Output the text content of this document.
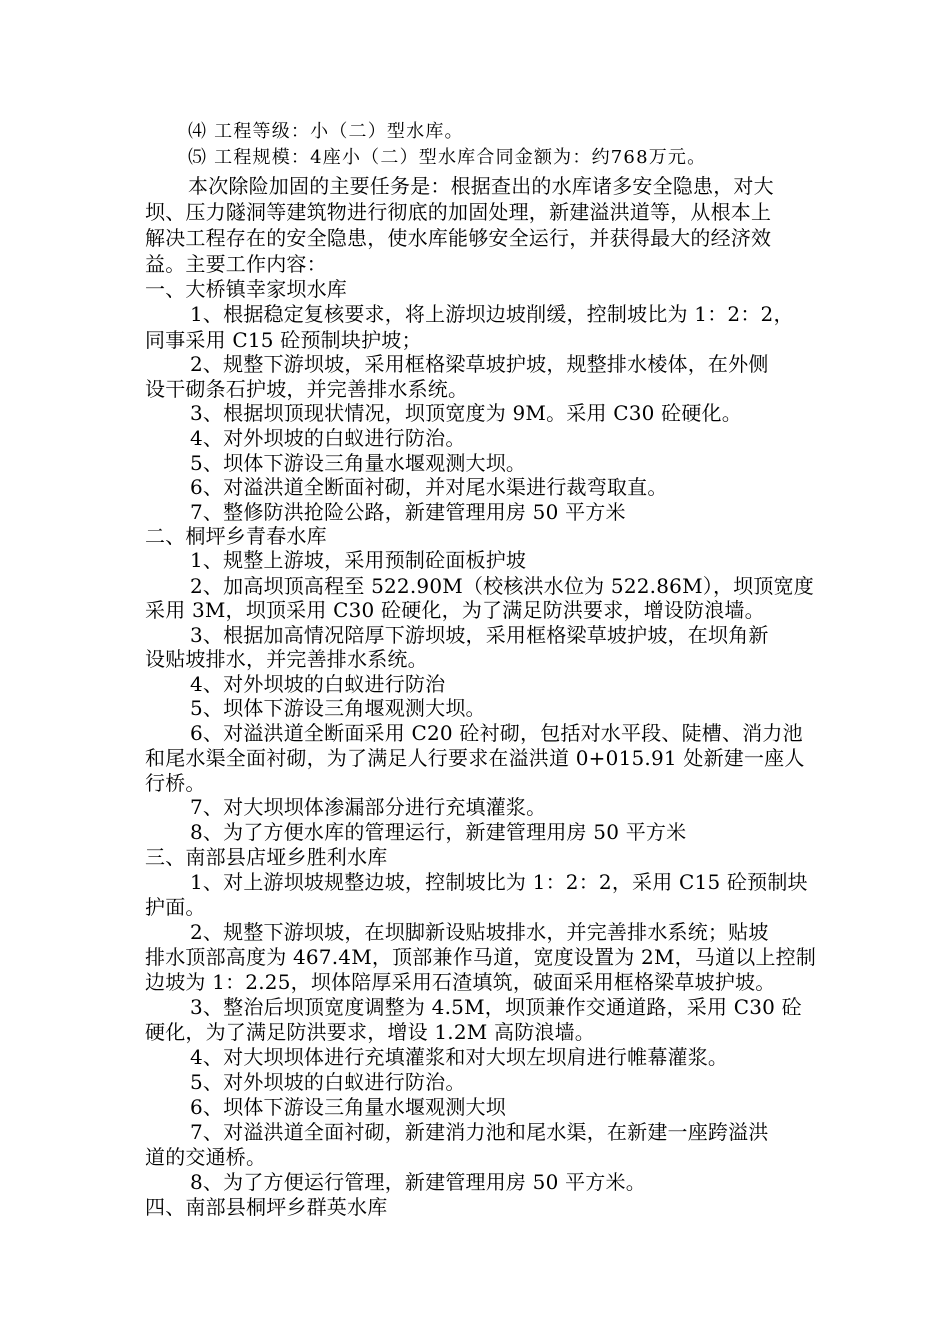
⑷ 工程等级：小（二）型水库。
⑸ 工程规模：4座小（二）型水库合同金额为：约768万元。
本次除险加固的主要任务是：根据查出的水库诸多安全隐患，对大
坝、压力隧洞等建筑物进行彻底的加固处理，新建溢洪道等，从根本上
解决工程存在的安全隐患，使水库能够安全运行，并获得最大的经济效
益。主要工作内容：
一、大桥镇幸家坝水库
1、根据稳定复核要求，将上游坝边坡削缓，控制坡比为 1：2：2，
同事采用 C15 砼预制块护坡；
2、规整下游坝坡，采用框格梁草坡护坡，规整排水棱体，在外侧
设干砌条石护坡，并完善排水系统。
3、根据坝顶现状情况，坝顶宽度为 9M。采用 C30 砼硬化。
4、对外坝坡的白蚁进行防治。
5、坝体下游设三角量水堰观测大坝。
6、对溢洪道全断面衬砌，并对尾水渠进行裁弯取直。
7、整修防洪抢险公路，新建管理用房 50 平方米
二、桐坪乡青春水库
1、规整上游坡，采用预制砼面板护坡
2、加高坝顶高程至 522.90M（校核洪水位为 522.86M），坝顶宽度
采用 3M，坝顶采用 C30 砼硬化，为了满足防洪要求，增设防浪墙。
3、根据加高情况陪厚下游坝坡，采用框格梁草坡护坡，在坝角新
设贴坡排水，并完善排水系统。
4、对外坝坡的白蚁进行防治
5、坝体下游设三角堰观测大坝。
6、对溢洪道全断面采用 C20 砼衬砌，包括对水平段、陡槽、消力池
和尾水渠全面衬砌，为了满足人行要求在溢洪道 0+015.91 处新建一座人
行桥。
7、对大坝坝体渗漏部分进行充填灌浆。
8、为了方便水库的管理运行，新建管理用房 50 平方米
三、南部县店垭乡胜利水库
1、对上游坝坡规整边坡，控制坡比为 1：2：2，采用 C15 砼预制块
护面。
2、规整下游坝坡，在坝脚新设贴坡排水，并完善排水系统；贴坡
排水顶部高度为 467.4M，顶部兼作马道，宽度设置为 2M，马道以上控制
边坡为 1：2.25，坝体陪厚采用石渣填筑，破面采用框格梁草坡护坡。
3、整治后坝顶宽度调整为 4.5M，坝顶兼作交通道路，采用 C30 砼
硬化，为了满足防洪要求，增设 1.2M 高防浪墙。
4、对大坝坝体进行充填灌浆和对大坝左坝肩进行帷幕灌浆。
5、对外坝坡的白蚁进行防治。
6、坝体下游设三角量水堰观测大坝
7、对溢洪道全面衬砌，新建消力池和尾水渠，在新建一座跨溢洪
道的交通桥。
8、为了方便运行管理，新建管理用房 50 平方米。
四、南部县桐坪乡群英水库
